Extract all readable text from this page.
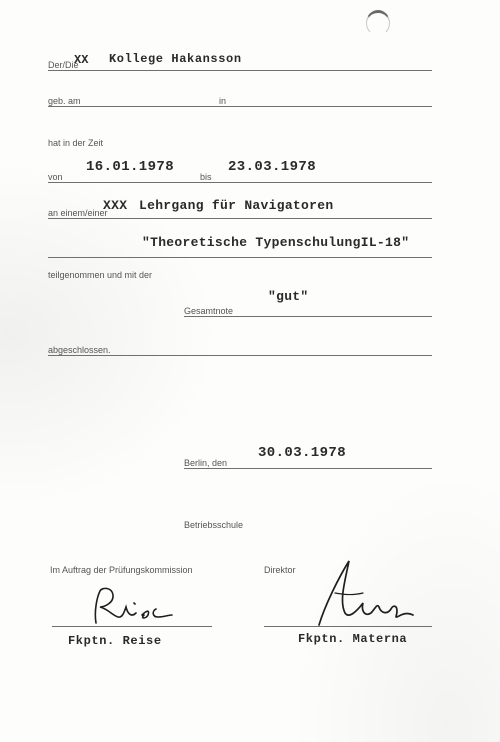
Der/Die
XX Kollege Hakansson
geb. am	in
hat in der Zeit
von
16.01.1978
bis
23.03.1978
an einem/einer
XXX Lehrgang für Navigatoren
"Theoretische TypenschulungIL-18"
teilgenommen und mit der
"gut"
Gesamtnote
abgeschlossen.
Berlin, den
30.03.1978
Betriebsschule
Im Auftrag der Prüfungskommission	Direktor
Fkptn. Reise	Fkptn. Materna
